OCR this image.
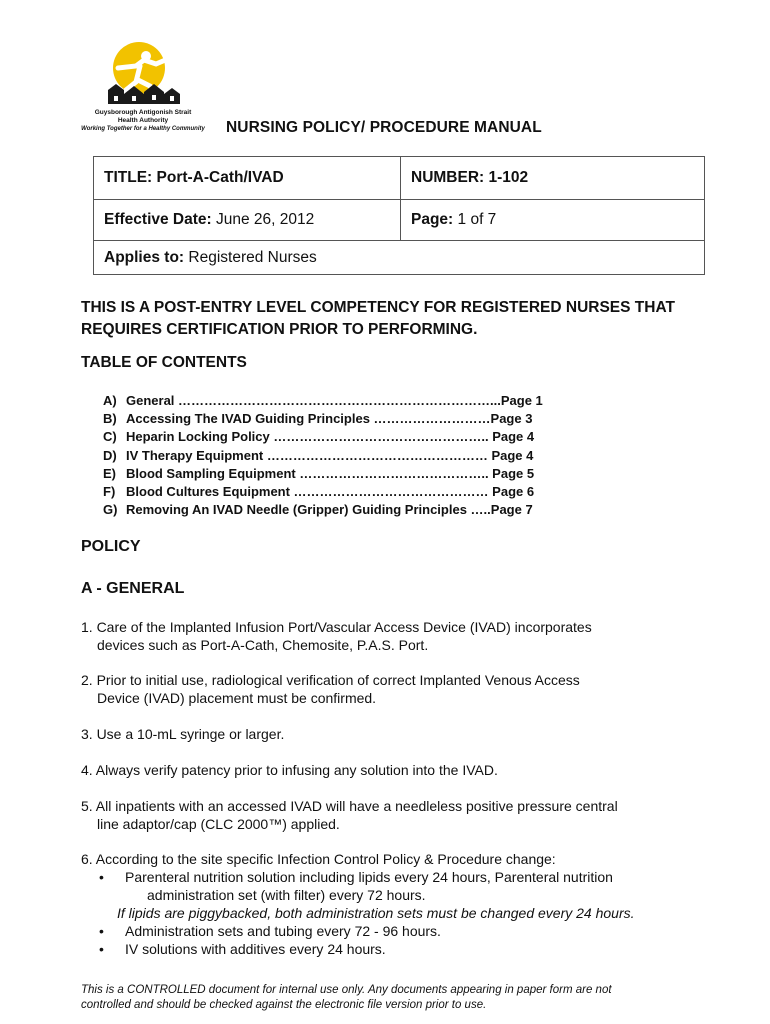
Guysborough Antigonish Strait
Health Authority
Working Together for a Healthy Community NURSING POLICY/ PROCEDURE MANUAL
TITLE: Port-A-Cath/IVAD	NUMBER: 1-102
Effective Date: June 26, 2012	Page: 1 of 7
Applies to: Registered Nurses	
THIS IS A POST-ENTRY LEVEL COMPETENCY FOR REGISTERED NURSES THAT REQUIRES CERTIFICATION PRIOR TO PERFORMING.
TABLE OF CONTENTS
A) General ………………………………………………………………...Page 1
B) Accessing The IVAD Guiding Principles ………………………Page 3
C) Heparin Locking Policy ………………………………………….. Page 4
D) IV Therapy Equipment …………………………………………… Page 4
E) Blood Sampling Equipment …………………………………….. Page 5
F) Blood Cultures Equipment ……………………………………… Page 6
G) Removing An IVAD Needle (Gripper) Guiding Principles …..Page 7
POLICY
A - GENERAL
1. Care of the Implanted Infusion Port/Vascular Access Device (IVAD) incorporates
devices such as Port-A-Cath, Chemosite, P.A.S. Port.
2. Prior to initial use, radiological verification of correct Implanted Venous Access
Device (IVAD) placement must be confirmed.
3. Use a 10-mL syringe or larger.
4. Always verify patency prior to infusing any solution into the IVAD.
5. All inpatients with an accessed IVAD will have a needleless positive pressure central
line adaptor/cap (CLC 2000™) applied.
6. According to the site specific Infection Control Policy & Procedure change:
•	Parenteral nutrition solution including lipids every 24 hours, Parenteral nutrition
administration set (with filter) every 72 hours.
If lipids are piggybacked, both administration sets must be changed every 24 hours.
•	Administration sets and tubing every 72 - 96 hours.
•	IV solutions with additives every 24 hours.
This is a CONTROLLED document for internal use only. Any documents appearing in paper form are not
controlled and should be checked against the electronic file version prior to use.
